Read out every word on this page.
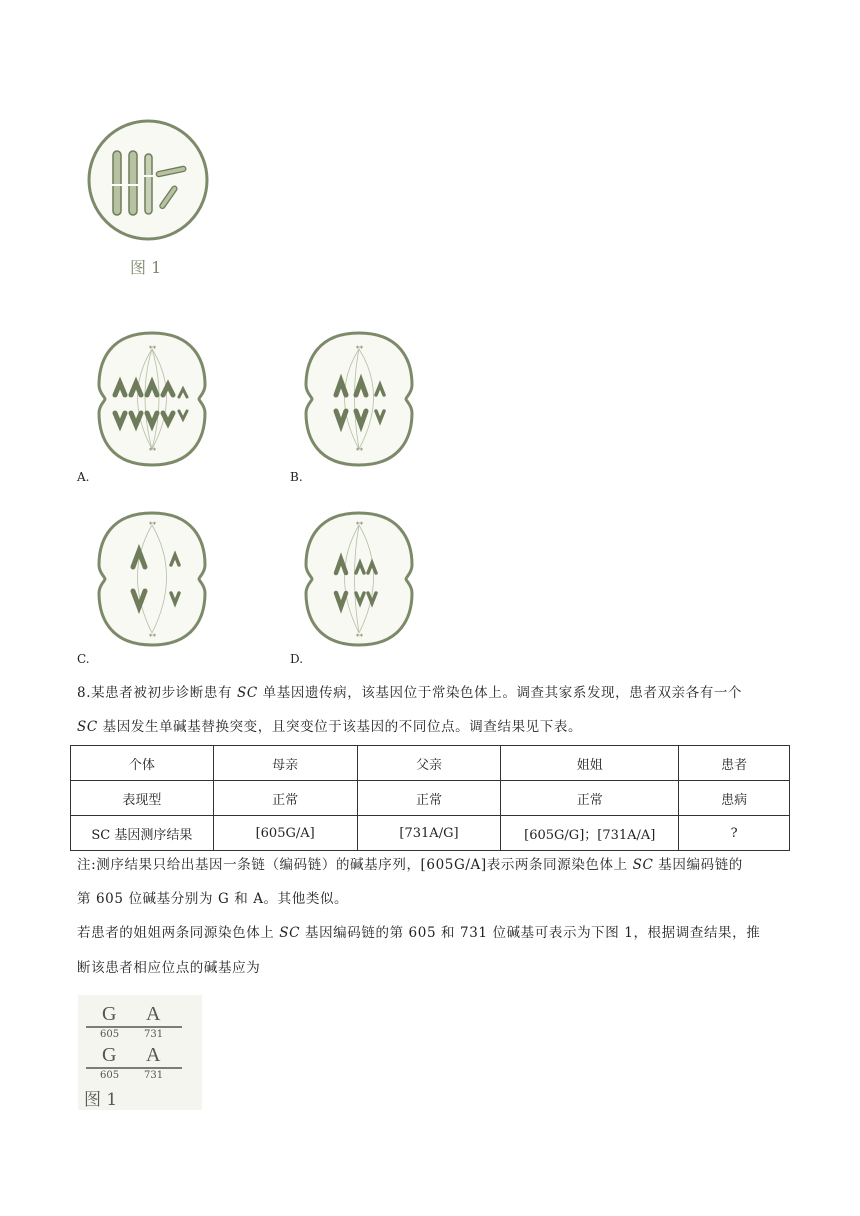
图 1
**
**
A.
**
**
B.
**
**
C.
**
**
D.
8.某患者被初步诊断患有 SC 单基因遗传病，该基因位于常染色体上。调查其家系发现，患者双亲各有一个
SC 基因发生单碱基替换突变，且突变位于该基因的不同位点。调查结果见下表。
个体	母亲	父亲	姐姐	患者
表现型	正常	正常	正常	患病
SC 基因测序结果	[605G/A]	[731A/G]	[605G/G]；[731A/A]	?
注:测序结果只给出基因一条链（编码链）的碱基序列，[605G/A]表示两条同源染色体上 SC 基因编码链的
第 605 位碱基分别为 G 和 A。其他类似。
若患者的姐姐两条同源染色体上 SC 基因编码链的第 605 和 731 位碱基可表示为下图 1，根据调查结果，推
断该患者相应位点的碱基应为
G A
605 731
G A
605 731
图 1
